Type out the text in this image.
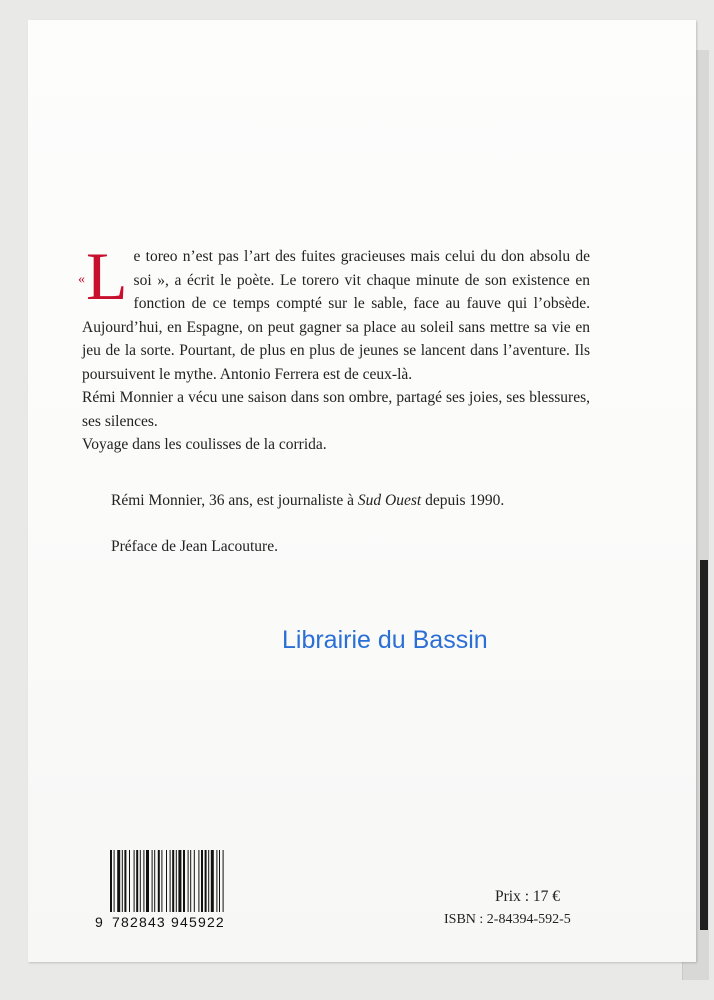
« L e toreo n’est pas l’art des fuites gracieuses mais celui du don absolu de soi », a écrit le poète. Le torero vit chaque minute de son existence en fonction de ce temps compté sur le sable, face au fauve qui l’obsède. Aujourd’hui, en Espagne, on peut gagner sa place au soleil sans mettre sa vie en jeu de la sorte. Pourtant, de plus en plus de jeunes se lancent dans l’aventure. Ils poursuivent le mythe. Antonio Ferrera est de ceux-là.

Rémi Monnier a vécu une saison dans son ombre, partagé ses joies, ses blessures, ses silences.

Voyage dans les coulisses de la corrida.

Rémi Monnier, 36 ans, est journaliste à Sud Ouest depuis 1990.
Préface de Jean Lacouture.
Librairie du Bassin
9 782843 945922
Prix : 17 €
ISBN : 2-84394-592-5
